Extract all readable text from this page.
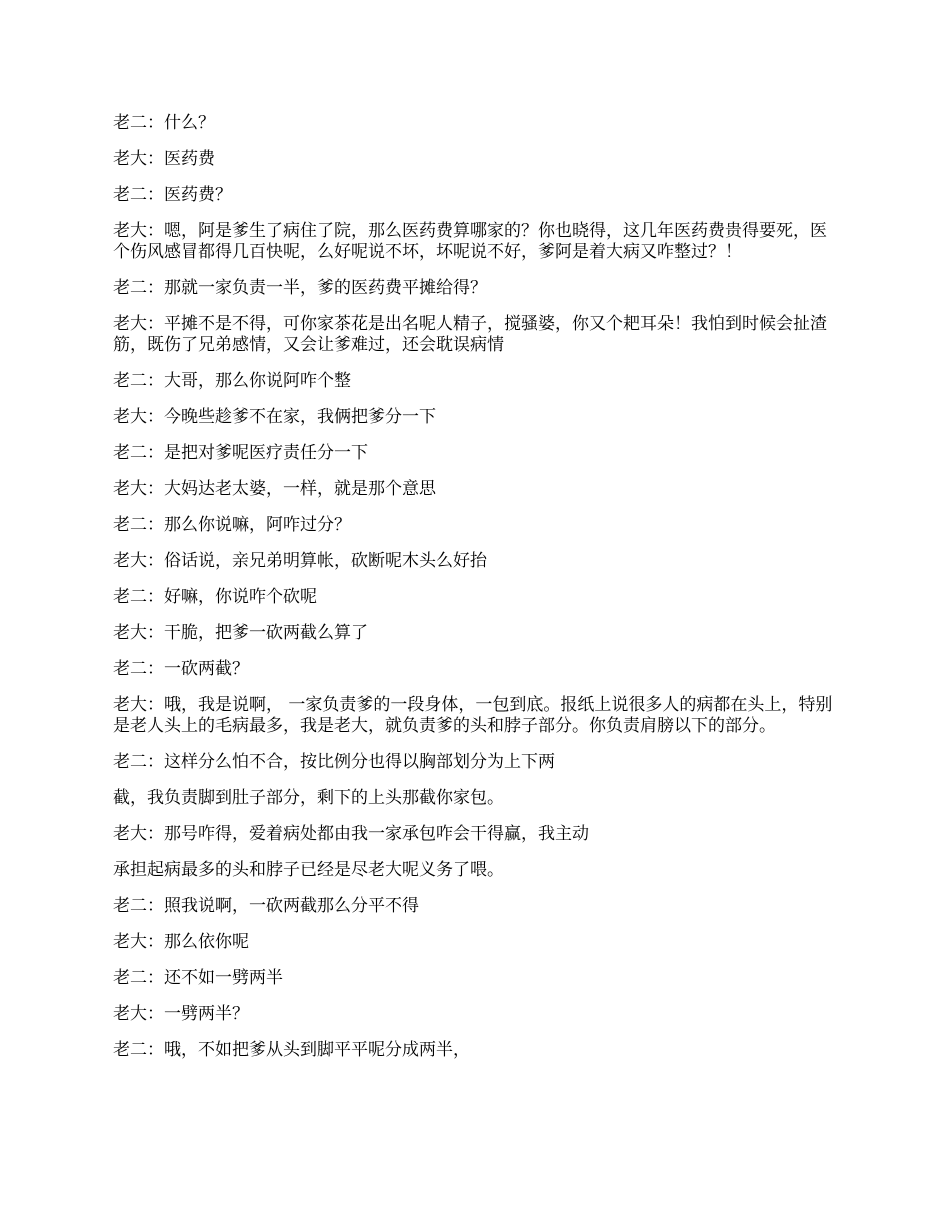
老二：什么？

老大：医药费

老二：医药费？

老大：嗯，阿是爹生了病住了院，那么医药费算哪家的？你也晓得，这几年医药费贵得要死，医个伤风感冒都得几百快呢，么好呢说不坏，坏呢说不好，爹阿是着大病又咋整过？！

老二：那就一家负责一半，爹的医药费平摊给得？

老大：平摊不是不得，可你家茶花是出名呢人精子，搅骚婆，你又个耙耳朵！我怕到时候会扯渣筋，既伤了兄弟感情，又会让爹难过，还会耽误病情

老二：大哥，那么你说阿咋个整

老大：今晚些趁爹不在家，我俩把爹分一下

老二：是把对爹呢医疗责任分一下

老大：大妈达老太婆，一样，就是那个意思

老二：那么你说嘛，阿咋过分？

老大：俗话说，亲兄弟明算帐，砍断呢木头么好抬

老二：好嘛，你说咋个砍呢

老大：干脆，把爹一砍两截么算了

老二：一砍两截？

老大：哦，我是说啊， 一家负责爹的一段身体，一包到底。报纸上说很多人的病都在头上，特别是老人头上的毛病最多，我是老大，就负责爹的头和脖子部分。你负责肩膀以下的部分。

老二：这样分么怕不合，按比例分也得以胸部划分为上下两

截，我负责脚到肚子部分，剩下的上头那截你家包。

老大：那号咋得，爱着病处都由我一家承包咋会干得赢，我主动

承担起病最多的头和脖子已经是尽老大呢义务了喂。

老二：照我说啊，一砍两截那么分平不得

老大：那么依你呢

老二：还不如一劈两半

老大：一劈两半？

老二：哦，不如把爹从头到脚平平呢分成两半，
